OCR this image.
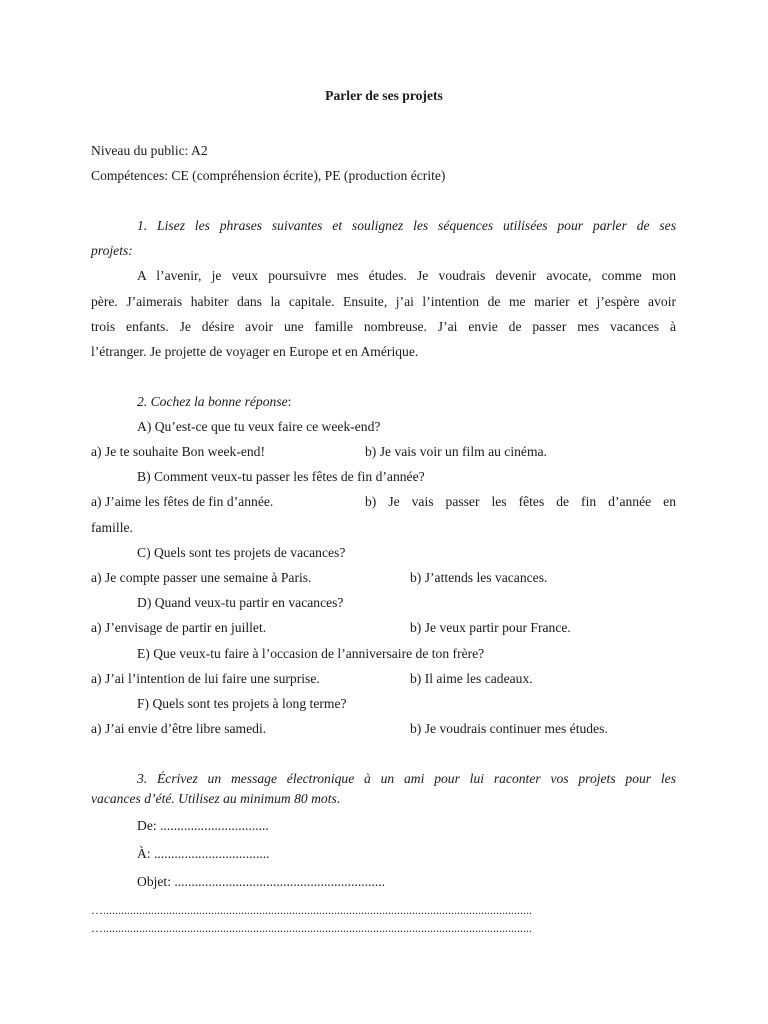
Parler de ses projets
Niveau du public: A2
Compétences: CE (compréhension écrite), PE (production écrite)
1. Lisez les phrases suivantes et soulignez les séquences utilisées pour parler de ses
projets:
A l’avenir, je veux poursuivre mes études. Je voudrais devenir avocate, comme mon
père. J’aimerais habiter dans la capitale. Ensuite, j’ai l’intention de me marier et j’espère avoir
trois enfants. Je désire avoir une famille nombreuse. J’ai envie de passer mes vacances à
l’étranger. Je projette de voyager en Europe et en Amérique.
2. Cochez la bonne réponse:
A) Qu’est-ce que tu veux faire ce week-end?
a) Je te souhaite Bon week-end!	b) Je vais voir un film au cinéma.
B) Comment veux-tu passer les fêtes de fin d’année?
a) J’aime les fêtes de fin d’année.	b) Je vais passer les fêtes de fin d’année en
famille.
C) Quels sont tes projets de vacances?
a) Je compte passer une semaine à Paris.	b) J’attends les vacances.
D) Quand veux-tu partir en vacances?
a) J’envisage de partir en juillet.	b) Je veux partir pour France.
E) Que veux-tu faire à l’occasion de l’anniversaire de ton frère?
a) J’ai l’intention de lui faire une surprise.	b) Il aime les cadeaux.
F) Quels sont tes projets à long terme?
a) J’ai envie d’être libre samedi.	b) Je voudrais continuer mes études.
3. Écrivez un message électronique à un ami pour lui raconter vos projets pour les
vacances d’été. Utilisez au minimum 80 mots.
De: ................................
À: ..................................
Objet: ..............................................................
…...............................................................................................................................................
…...............................................................................................................................................
